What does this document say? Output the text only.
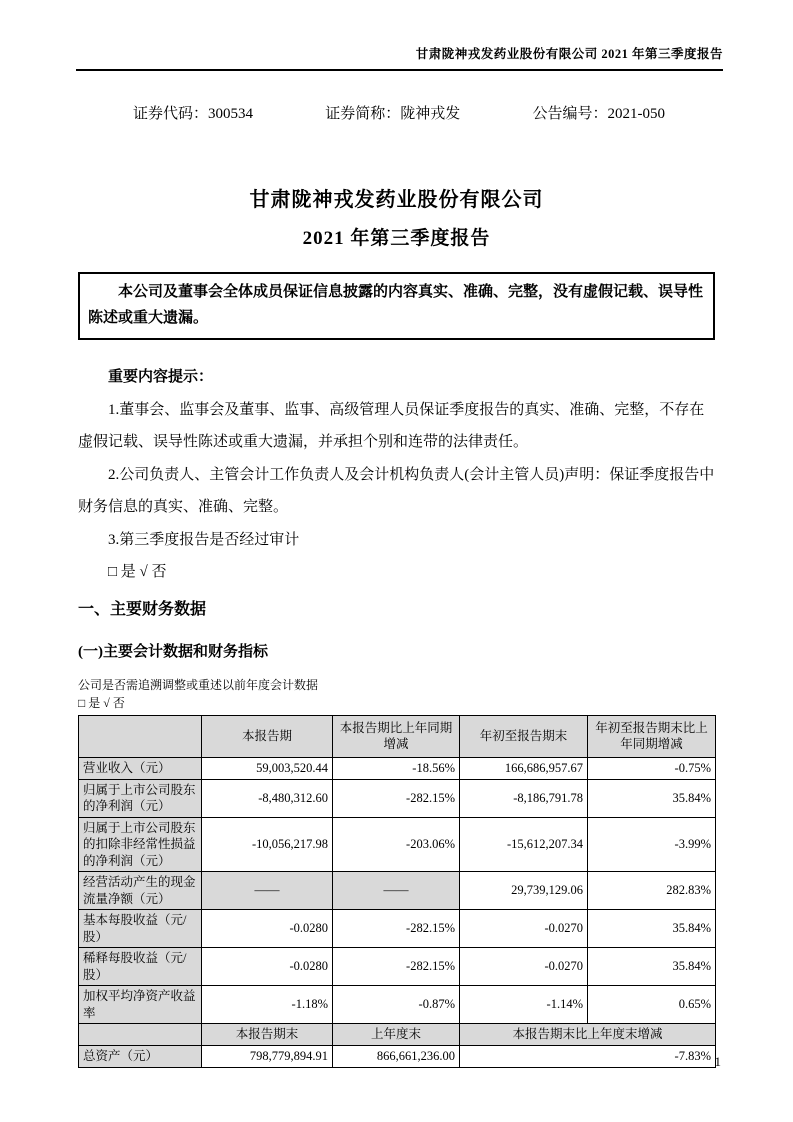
甘肃陇神戎发药业股份有限公司 2021 年第三季度报告
证券代码：300534	证券简称：陇神戎发	公告编号：2021-050
甘肃陇神戎发药业股份有限公司
2021 年第三季度报告
本公司及董事会全体成员保证信息披露的内容真实、准确、完整，没有虚假记载、误导性陈述或重大遗漏。

重要内容提示：

1.董事会、监事会及董事、监事、高级管理人员保证季度报告的真实、准确、完整，不存在虚假记载、误导性陈述或重大遗漏，并承担个别和连带的法律责任。

2.公司负责人、主管会计工作负责人及会计机构负责人(会计主管人员)声明：保证季度报告中财务信息的真实、准确、完整。

3.第三季度报告是否经过审计

□ 是 √ 否

一、主要财务数据
(一)主要会计数据和财务指标
公司是否需追溯调整或重述以前年度会计数据
□ 是 √ 否
	本报告期	本报告期比上年同期增减	年初至报告期末	年初至报告期末比上年同期增减
营业收入（元）	59,003,520.44	-18.56%	166,686,957.67	-0.75%
归属于上市公司股东的净利润（元）	-8,480,312.60	-282.15%	-8,186,791.78	35.84%
归属于上市公司股东的扣除非经常性损益的净利润（元）	-10,056,217.98	-203.06%	-15,612,207.34	-3.99%
经营活动产生的现金流量净额（元）	——	——	29,739,129.06	282.83%
基本每股收益（元/股）	-0.0280	-282.15%	-0.0270	35.84%
稀释每股收益（元/股）	-0.0280	-282.15%	-0.0270	35.84%
加权平均净资产收益率	-1.18%	-0.87%	-1.14%	0.65%
	本报告期末	上年度末	本报告期末比上年度末增减	
总资产（元）	798,779,894.91	866,661,236.00	-7.83%	1
